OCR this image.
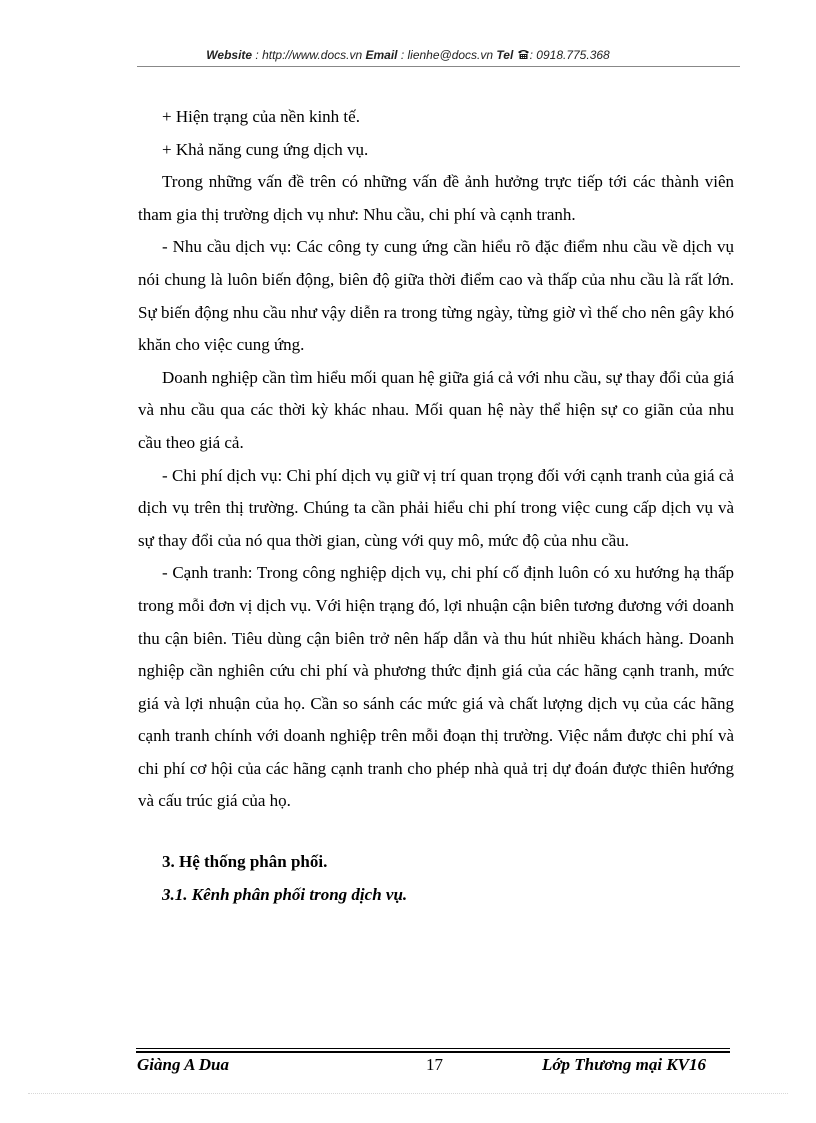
Website : http://www.docs.vn Email : lienhe@docs.vn Tel : 0918.775.368

+ Hiện trạng của nền kinh tế.

+ Khả năng cung ứng dịch vụ.

Trong những vấn đề trên có những vấn đề ảnh hưởng trực tiếp tới các thành viên tham gia thị trường dịch vụ như: Nhu cầu, chi phí và cạnh tranh.

- Nhu cầu dịch vụ: Các công ty cung ứng cần hiểu rõ đặc điểm nhu cầu về dịch vụ nói chung là luôn biến động, biên độ giữa thời điểm cao và thấp của nhu cầu là rất lớn. Sự biến động nhu cầu như vậy diễn ra trong từng ngày, từng giờ vì thế cho nên gây khó khăn cho việc cung ứng.

Doanh nghiệp cần tìm hiểu mối quan hệ giữa giá cả với nhu cầu, sự thay đổi của giá và nhu cầu qua các thời kỳ khác nhau. Mối quan hệ này thể hiện sự co giãn của nhu cầu theo giá cả.

- Chi phí dịch vụ: Chi phí dịch vụ giữ vị trí quan trọng đối với cạnh tranh của giá cả dịch vụ trên thị trường. Chúng ta cần phải hiểu chi phí trong việc cung cấp dịch vụ và sự thay đổi của nó qua thời gian, cùng với quy mô, mức độ của nhu cầu.

- Cạnh tranh: Trong công nghiệp dịch vụ, chi phí cố định luôn có xu hướng hạ thấp trong mỗi đơn vị dịch vụ. Với hiện trạng đó, lợi nhuận cận biên tương đương với doanh thu cận biên. Tiêu dùng cận biên trở nên hấp dẫn và thu hút nhiều khách hàng. Doanh nghiệp cần nghiên cứu chi phí và phương thức định giá của các hãng cạnh tranh, mức giá và lợi nhuận của họ. Cần so sánh các mức giá và chất lượng dịch vụ của các hãng cạnh tranh chính với doanh nghiệp trên mỗi đoạn thị trường. Việc nắm được chi phí và chi phí cơ hội của các hãng cạnh tranh cho phép nhà quả trị dự đoán được thiên hướng và cấu trúc giá của họ.

3. Hệ thống phân phối.

3.1. Kênh phân phối trong dịch vụ.

Giàng A Dua	17	Lớp Thương mại KV16
